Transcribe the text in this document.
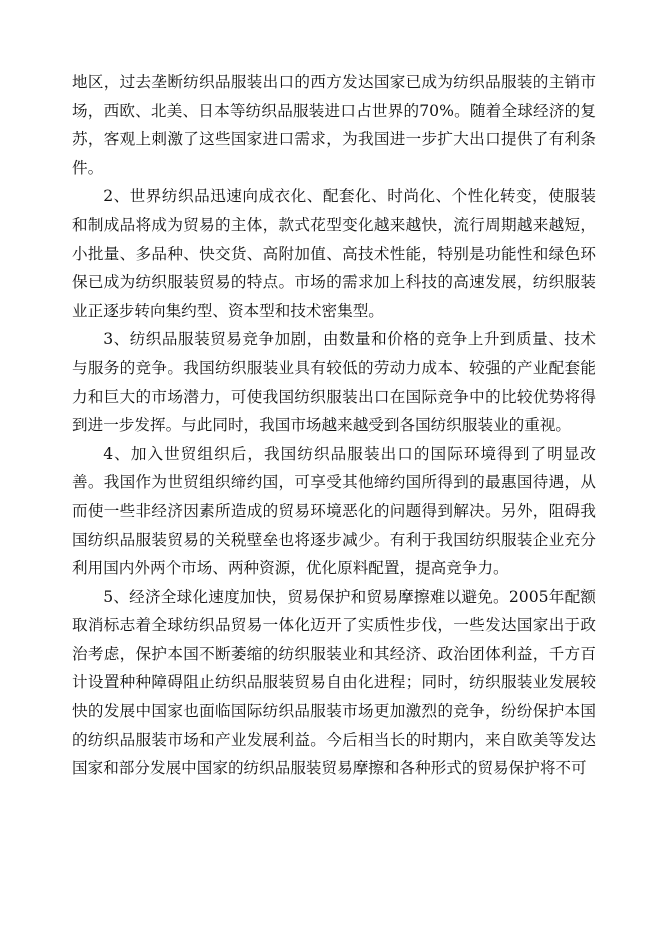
地区，过去垄断纺织品服装出口的西方发达国家已成为纺织品服装的主销市场，西欧、北美、日本等纺织品服装进口占世界的70%。随着全球经济的复苏，客观上刺激了这些国家进口需求，为我国进一步扩大出口提供了有利条件。

2、世界纺织品迅速向成衣化、配套化、时尚化、个性化转变，使服装和制成品将成为贸易的主体，款式花型变化越来越快，流行周期越来越短，小批量、多品种、快交货、高附加值、高技术性能，特别是功能性和绿色环保已成为纺织服装贸易的特点。市场的需求加上科技的高速发展，纺织服装业正逐步转向集约型、资本型和技术密集型。

3、纺织品服装贸易竞争加剧，由数量和价格的竞争上升到质量、技术与服务的竞争。我国纺织服装业具有较低的劳动力成本、较强的产业配套能力和巨大的市场潜力，可使我国纺织服装出口在国际竞争中的比较优势将得到进一步发挥。与此同时，我国市场越来越受到各国纺织服装业的重视。

4、加入世贸组织后，我国纺织品服装出口的国际环境得到了明显改善。我国作为世贸组织缔约国，可享受其他缔约国所得到的最惠国待遇，从而使一些非经济因素所造成的贸易环境恶化的问题得到解决。另外，阻碍我国纺织品服装贸易的关税壁垒也将逐步减少。有利于我国纺织服装企业充分利用国内外两个市场、两种资源，优化原料配置，提高竞争力。

5、经济全球化速度加快，贸易保护和贸易摩擦难以避免。2005年配额取消标志着全球纺织品贸易一体化迈开了实质性步伐，一些发达国家出于政治考虑，保护本国不断萎缩的纺织服装业和其经济、政治团体利益，千方百计设置种种障碍阻止纺织品服装贸易自由化进程；同时，纺织服装业发展较快的发展中国家也面临国际纺织品服装市场更加激烈的竞争，纷纷保护本国的纺织品服装市场和产业发展利益。今后相当长的时期内，来自欧美等发达国家和部分发展中国家的纺织品服装贸易摩擦和各种形式的贸易保护将不可
